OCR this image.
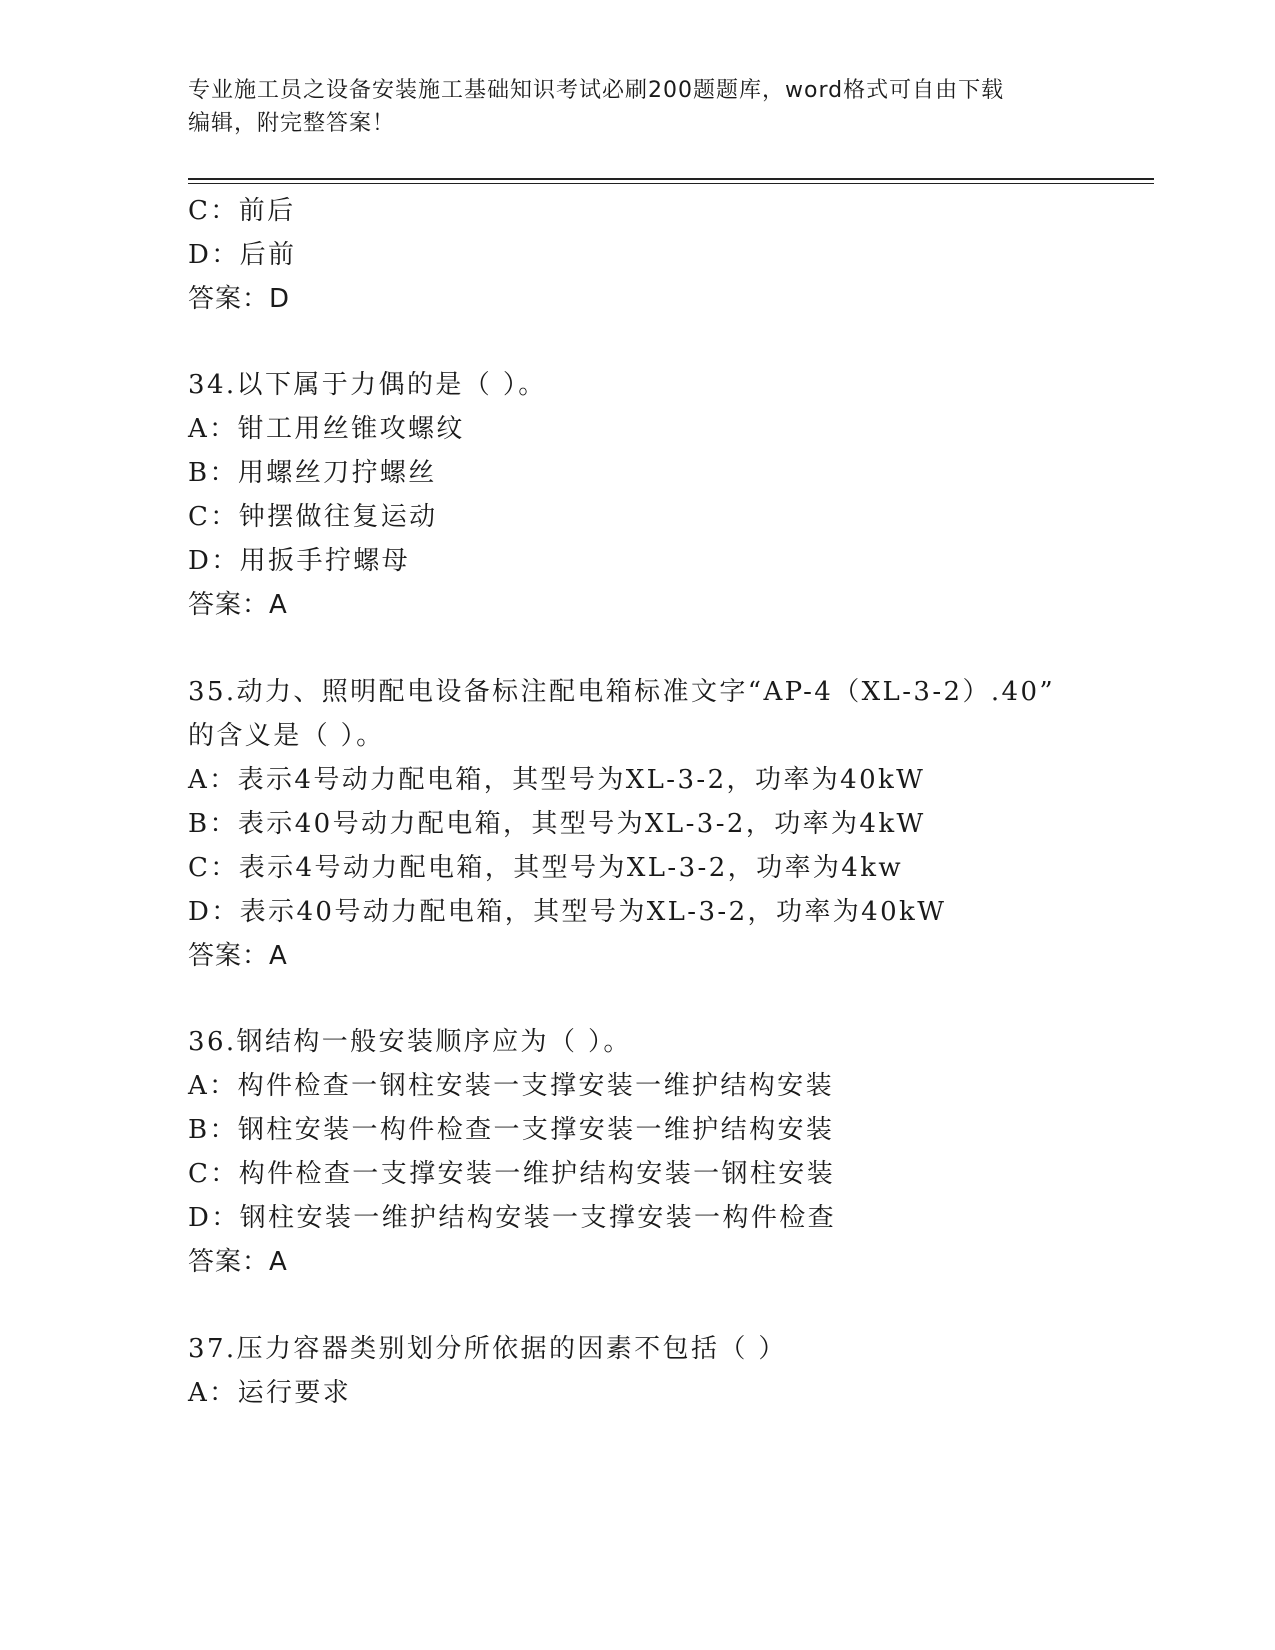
专业施工员之设备安装施工基础知识考试必刷200题题库，word格式可自由下载
编辑，附完整答案！
C：前后
D：后前
答案：D
34.以下属于力偶的是（ ）。
A：钳工用丝锥攻螺纹
B：用螺丝刀拧螺丝
C：钟摆做往复运动
D：用扳手拧螺母
答案：A
35.动力、照明配电设备标注配电箱标准文字“AP-4（XL-3-2）.40”
的含义是（ ）。
A：表示4号动力配电箱，其型号为XL-3-2，功率为40kW
B：表示40号动力配电箱，其型号为XL-3-2，功率为4kW
C：表示4号动力配电箱，其型号为XL-3-2，功率为4kw
D：表示40号动力配电箱，其型号为XL-3-2，功率为40kW
答案：A
36.钢结构一般安装顺序应为（ ）。
A：构件检查一钢柱安装一支撑安装一维护结构安装
B：钢柱安装一构件检查一支撑安装一维护结构安装
C：构件检查一支撑安装一维护结构安装一钢柱安装
D：钢柱安装一维护结构安装一支撑安装一构件检查
答案：A
37.压力容器类别划分所依据的因素不包括（ ）
A：运行要求
